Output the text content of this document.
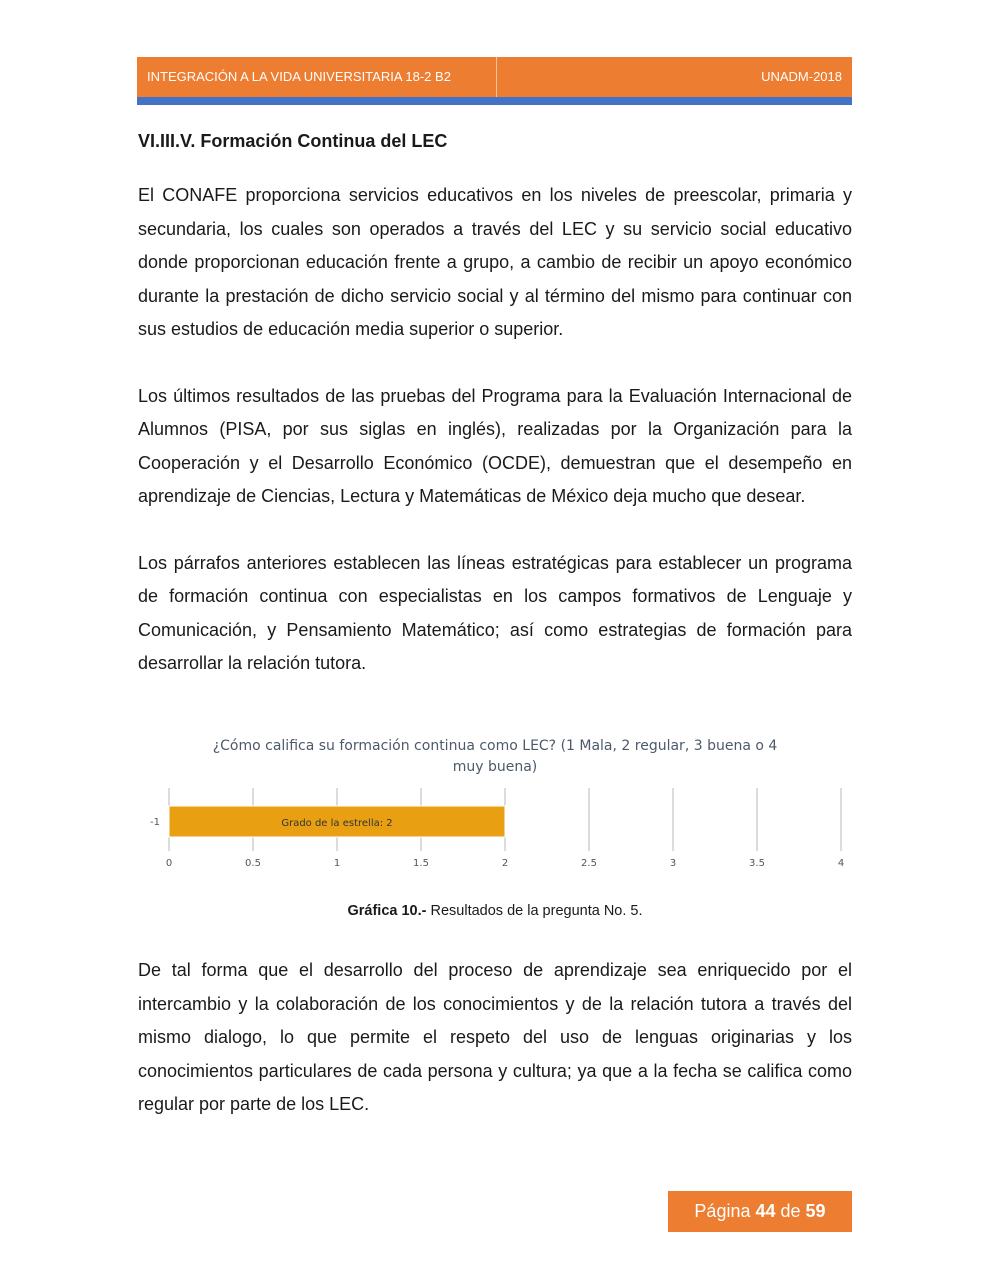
INTEGRACIÓN A LA VIDA UNIVERSITARIA 18-2 B2	UNADM-2018
VI.III.V. Formación Continua del LEC

El CONAFE proporciona servicios educativos en los niveles de preescolar, primaria y secundaria, los cuales son operados a través del LEC y su servicio social educativo donde proporcionan educación frente a grupo, a cambio de recibir un apoyo económico durante la prestación de dicho servicio social y al término del mismo para continuar con sus estudios de educación media superior o superior.

Los últimos resultados de las pruebas del Programa para la Evaluación Internacional de Alumnos (PISA, por sus siglas en inglés), realizadas por la Organización para la Cooperación y el Desarrollo Económico (OCDE), demuestran que el desempeño en aprendizaje de Ciencias, Lectura y Matemáticas de México deja mucho que desear.

Los párrafos anteriores establecen las líneas estratégicas para establecer un programa de formación continua con especialistas en los campos formativos de Lenguaje y Comunicación, y Pensamiento Matemático; así como estrategias de formación para desarrollar la relación tutora.

¿Cómo califica su formación continua como LEC? (1 Mala, 2 regular, 3 buena o 4
muy buena)
Grado de la estrella: 2
0	0.5	1	1.5	2	2.5	3	3.5	4
-1
Gráfica 10.- Resultados de la pregunta No. 5.

De tal forma que el desarrollo del proceso de aprendizaje sea enriquecido por el intercambio y la colaboración de los conocimientos y de la relación tutora a través del mismo dialogo, lo que permite el respeto del uso de lenguas originarias y los conocimientos particulares de cada persona y cultura; ya que a la fecha se califica como regular por parte de los LEC.

Página 44 de 59
